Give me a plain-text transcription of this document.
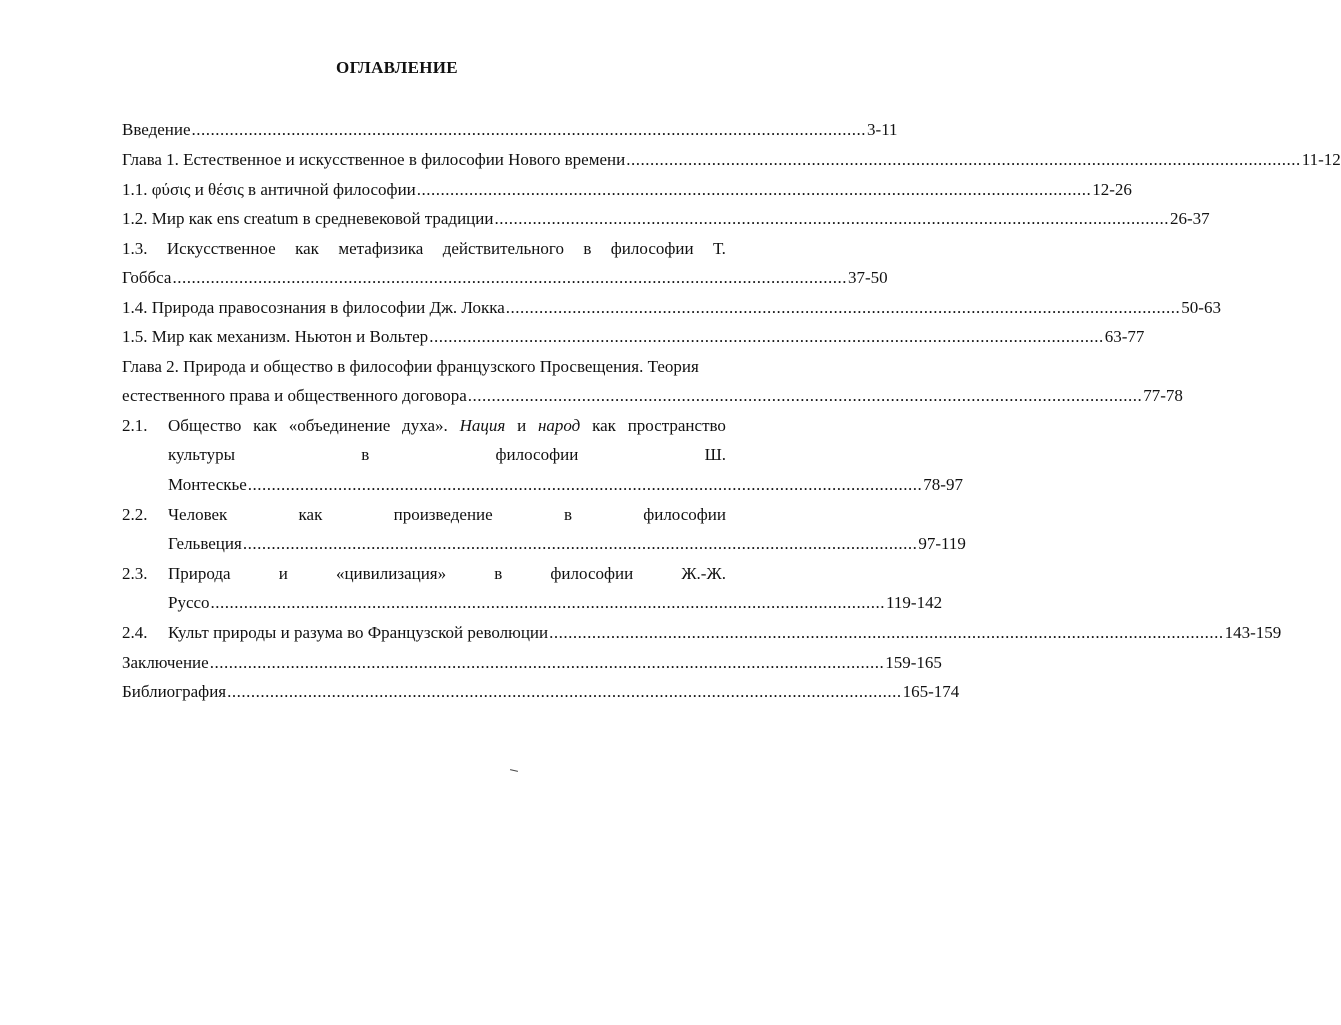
ОГЛАВЛЕНИЕ
Введение .............................................................................................................................................. 3-11
Глава 1. Естественное и искусственное в философии Нового времени .............................................................................................................................................. 11-12
1.1. φύσις и θέσις в античной философии .............................................................................................................................................. 12-26
1.2. Мир как ens creatum в средневековой традиции .............................................................................................................................................. 26-37
1.3. Искусственное как метафизика действительного в философии Т.
Гоббса .............................................................................................................................................. 37-50
1.4. Природа правосознания в философии Дж. Локка .............................................................................................................................................. 50-63
1.5. Мир как механизм. Ньютон и Вольтер .............................................................................................................................................. 63-77
Глава 2. Природа и общество в философии французского Просвещения. Теория
естественного права и общественного договора .............................................................................................................................................. 77-78
2.1.	Общество как «объединение духа». Нация и народ как пространство
культуры	в	философии	Ш.
Монтескье .............................................................................................................................................. 78-97
2.2.	Человек	как	произведение	в	философии
Гельвеция .............................................................................................................................................. 97-119
2.3.	Природа	и	«цивилизация»	в	философии	Ж.-Ж.
Руссо .............................................................................................................................................. 119-142
2.4.	Культ природы и разума во Французской революции .............................................................................................................................................. 143-159
Заключение .............................................................................................................................................. 159-165
Библиография .............................................................................................................................................. 165-174
